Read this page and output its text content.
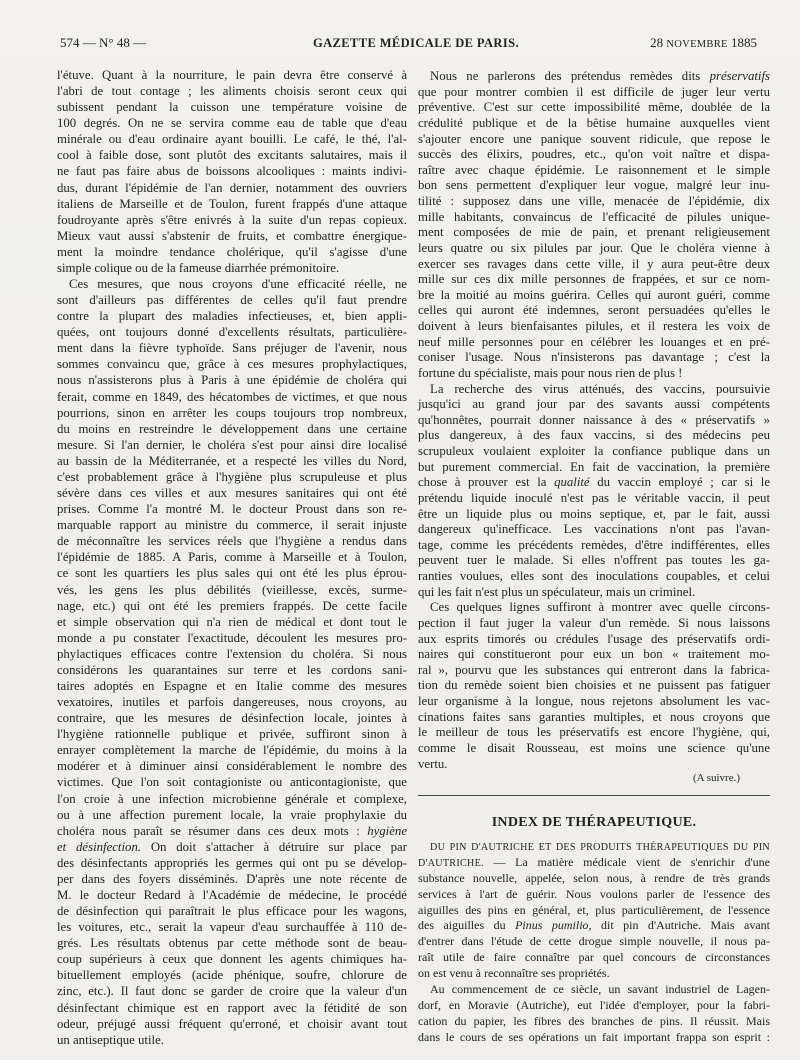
574 — N° 48 —	GAZETTE MÉDICALE DE PARIS.	28 NOVEMBRE 1885
l'étuve. Quant à la nourriture, le pain devra être conservé à
l'abri de tout contage ; les aliments choisis seront ceux qui
subissent pendant la cuisson une température voisine de
100 degrés. On ne se servira comme eau de table que d'eau
minérale ou d'eau ordinaire ayant bouilli. Le café, le thé, l'al-
cool à faible dose, sont plutôt des excitants salutaires, mais il
ne faut pas faire abus de boissons alcooliques : maints indivi-
dus, durant l'épidémie de l'an dernier, notamment des ouvriers
italiens de Marseille et de Toulon, furent frappés d'une attaque
foudroyante après s'être enivrés à la suite d'un repas copieux.
Mieux vaut aussi s'abstenir de fruits, et combattre énergique-
ment la moindre tendance cholérique, qu'il s'agisse d'une
simple colique ou de la fameuse diarrhée prémonitoire.
Ces mesures, que nous croyons d'une efficacité réelle, ne
sont d'ailleurs pas différentes de celles qu'il faut prendre
contre la plupart des maladies infectieuses, et, bien appli-
quées, ont toujours donné d'excellents résultats, particulière-
ment dans la fièvre typhoïde. Sans préjuger de l'avenir, nous
sommes convaincu que, grâce à ces mesures prophylactiques,
nous n'assisterons plus à Paris à une épidémie de choléra qui
ferait, comme en 1849, des hécatombes de victimes, et que nous
pourrions, sinon en arrêter les coups toujours trop nombreux,
du moins en restreindre le développement dans une certaine
mesure. Si l'an dernier, le choléra s'est pour ainsi dire localisé
au bassin de la Méditerranée, et a respecté les villes du Nord,
c'est probablement grâce à l'hygiène plus scrupuleuse et plus
sévère dans ces villes et aux mesures sanitaires qui ont été
prises. Comme l'a montré M. le docteur Proust dans son re-
marquable rapport au ministre du commerce, il serait injuste
de méconnaître les services réels que l'hygiène a rendus dans
l'épidémie de 1885. A Paris, comme à Marseille et à Toulon,
ce sont les quartiers les plus sales qui ont été les plus éprou-
vés, les gens les plus débilités (vieillesse, excès, surme-
nage, etc.) qui ont été les premiers frappés. De cette facile
et simple observation qui n'a rien de médical et dont tout le
monde a pu constater l'exactitude, découlent les mesures pro-
phylactiques efficaces contre l'extension du choléra. Si nous
considérons les quarantaines sur terre et les cordons sani-
taires adoptés en Espagne et en Italie comme des mesures
vexatoires, inutiles et parfois dangereuses, nous croyons, au
contraire, que les mesures de désinfection locale, jointes à
l'hygiène rationnelle publique et privée, suffiront sinon à
enrayer complètement la marche de l'épidémie, du moins à la
modérer et à diminuer ainsi considérablement le nombre des
victimes. Que l'on soit contagioniste ou anticontagioniste, que
l'on croie à une infection microbienne générale et complexe,
ou à une affection purement locale, la vraie prophylaxie du
choléra nous paraît se résumer dans ces deux mots : hygiène
et désinfection. On doit s'attacher à détruire sur place par
des désinfectants appropriés les germes qui ont pu se dévelop-
per dans des foyers disséminés. D'après une note récente de
M. le docteur Redard à l'Académie de médecine, le procédé
de désinfection qui paraîtrait le plus efficace pour les wagons,
les voitures, etc., serait la vapeur d'eau surchauffée à 110 de-
grés. Les résultats obtenus par cette méthode sont de beau-
coup supérieurs à ceux que donnent les agents chimiques ha-
bituellement employés (acide phénique, soufre, chlorure de
zinc, etc.). Il faut donc se garder de croire que la valeur d'un
désinfectant chimique est en rapport avec la fétidité de son
odeur, préjugé aussi fréquent qu'erroné, et choisir avant tout
un antiseptique utile.
Nous ne parlerons des prétendus remèdes dits préservatifs
que pour montrer combien il est difficile de juger leur vertu
préventive. C'est sur cette impossibilité même, doublée de la
crédulité publique et de la bêtise humaine auxquelles vient
s'ajouter encore une panique souvent ridicule, que repose le
succès des élixirs, poudres, etc., qu'on voit naître et dispa-
raître avec chaque épidémie. Le raisonnement et le simple
bon sens permettent d'expliquer leur vogue, malgré leur inu-
tilité : supposez dans une ville, menacée de l'épidémie, dix
mille habitants, convaincus de l'efficacité de pilules unique-
ment composées de mie de pain, et prenant religieusement
leurs quatre ou six pilules par jour. Que le choléra vienne à
exercer ses ravages dans cette ville, il y aura peut-être deux
mille sur ces dix mille personnes de frappées, et sur ce nom-
bre la moitié au moins guérira. Celles qui auront guéri, comme
celles qui auront été indemnes, seront persuadées qu'elles le
doivent à leurs bienfaisantes pilules, et il restera les voix de
neuf mille personnes pour en célébrer les louanges et en pré-
coniser l'usage. Nous n'insisterons pas davantage ; c'est la
fortune du spécialiste, mais pour nous rien de plus !
La recherche des virus atténués, des vaccins, poursuivie
jusqu'ici au grand jour par des savants aussi compétents
qu'honnêtes, pourrait donner naissance à des « préservatifs »
plus dangereux, à des faux vaccins, si des médecins peu
scrupuleux voulaient exploiter la confiance publique dans un
but purement commercial. En fait de vaccination, la première
chose à prouver est la qualité du vaccin employé ; car si le
prétendu liquide inoculé n'est pas le véritable vaccin, il peut
être un liquide plus ou moins septique, et, par le fait, aussi
dangereux qu'inefficace. Les vaccinations n'ont pas l'avan-
tage, comme les précédents remèdes, d'être indifférentes, elles
peuvent tuer le malade. Si elles n'offrent pas toutes les ga-
ranties voulues, elles sont des inoculations coupables, et celui
qui les fait n'est plus un spéculateur, mais un criminel.
Ces quelques lignes suffiront à montrer avec quelle circons-
pection il faut juger la valeur d'un remède. Si nous laissons
aux esprits timorés ou crédules l'usage des préservatifs ordi-
naires qui constitueront pour eux un bon « traitement mo-
ral », pourvu que les substances qui entreront dans la fabrica-
tion du remède soient bien choisies et ne puissent pas fatiguer
leur organisme à la longue, nous rejetons absolument les vac-
cinations faites sans garanties multiples, et nous croyons que
le meilleur de tous les préservatifs est encore l'hygiène, qui,
comme le disait Rousseau, est moins une science qu'une
vertu.
(A suivre.)
INDEX DE THÉRAPEUTIQUE.
DU PIN D'AUTRICHE ET DES PRODUITS THÉRAPEUTIQUES DU PIN
D'AUTRICHE. — La matière médicale vient de s'enrichir d'une
substance nouvelle, appelée, selon nous, à rendre de très grands
services à l'art de guérir. Nous voulons parler de l'essence des
aiguilles des pins en général, et, plus particulièrement, de l'essence
des aiguilles du Pinus pumilio, dit pin d'Autriche. Mais avant
d'entrer dans l'étude de cette drogue simple nouvelle, il nous pa-
raît utile de faire connaître par quel concours de circonstances
on est venu à reconnaître ses propriétés.
Au commencement de ce siècle, un savant industriel de Lagen-
dorf, en Moravie (Autriche), eut l'idée d'employer, pour la fabri-
cation du papier, les fibres des branches de pins. Il réussit. Mais
dans le cours de ses opérations un fait important frappa son esprit :
